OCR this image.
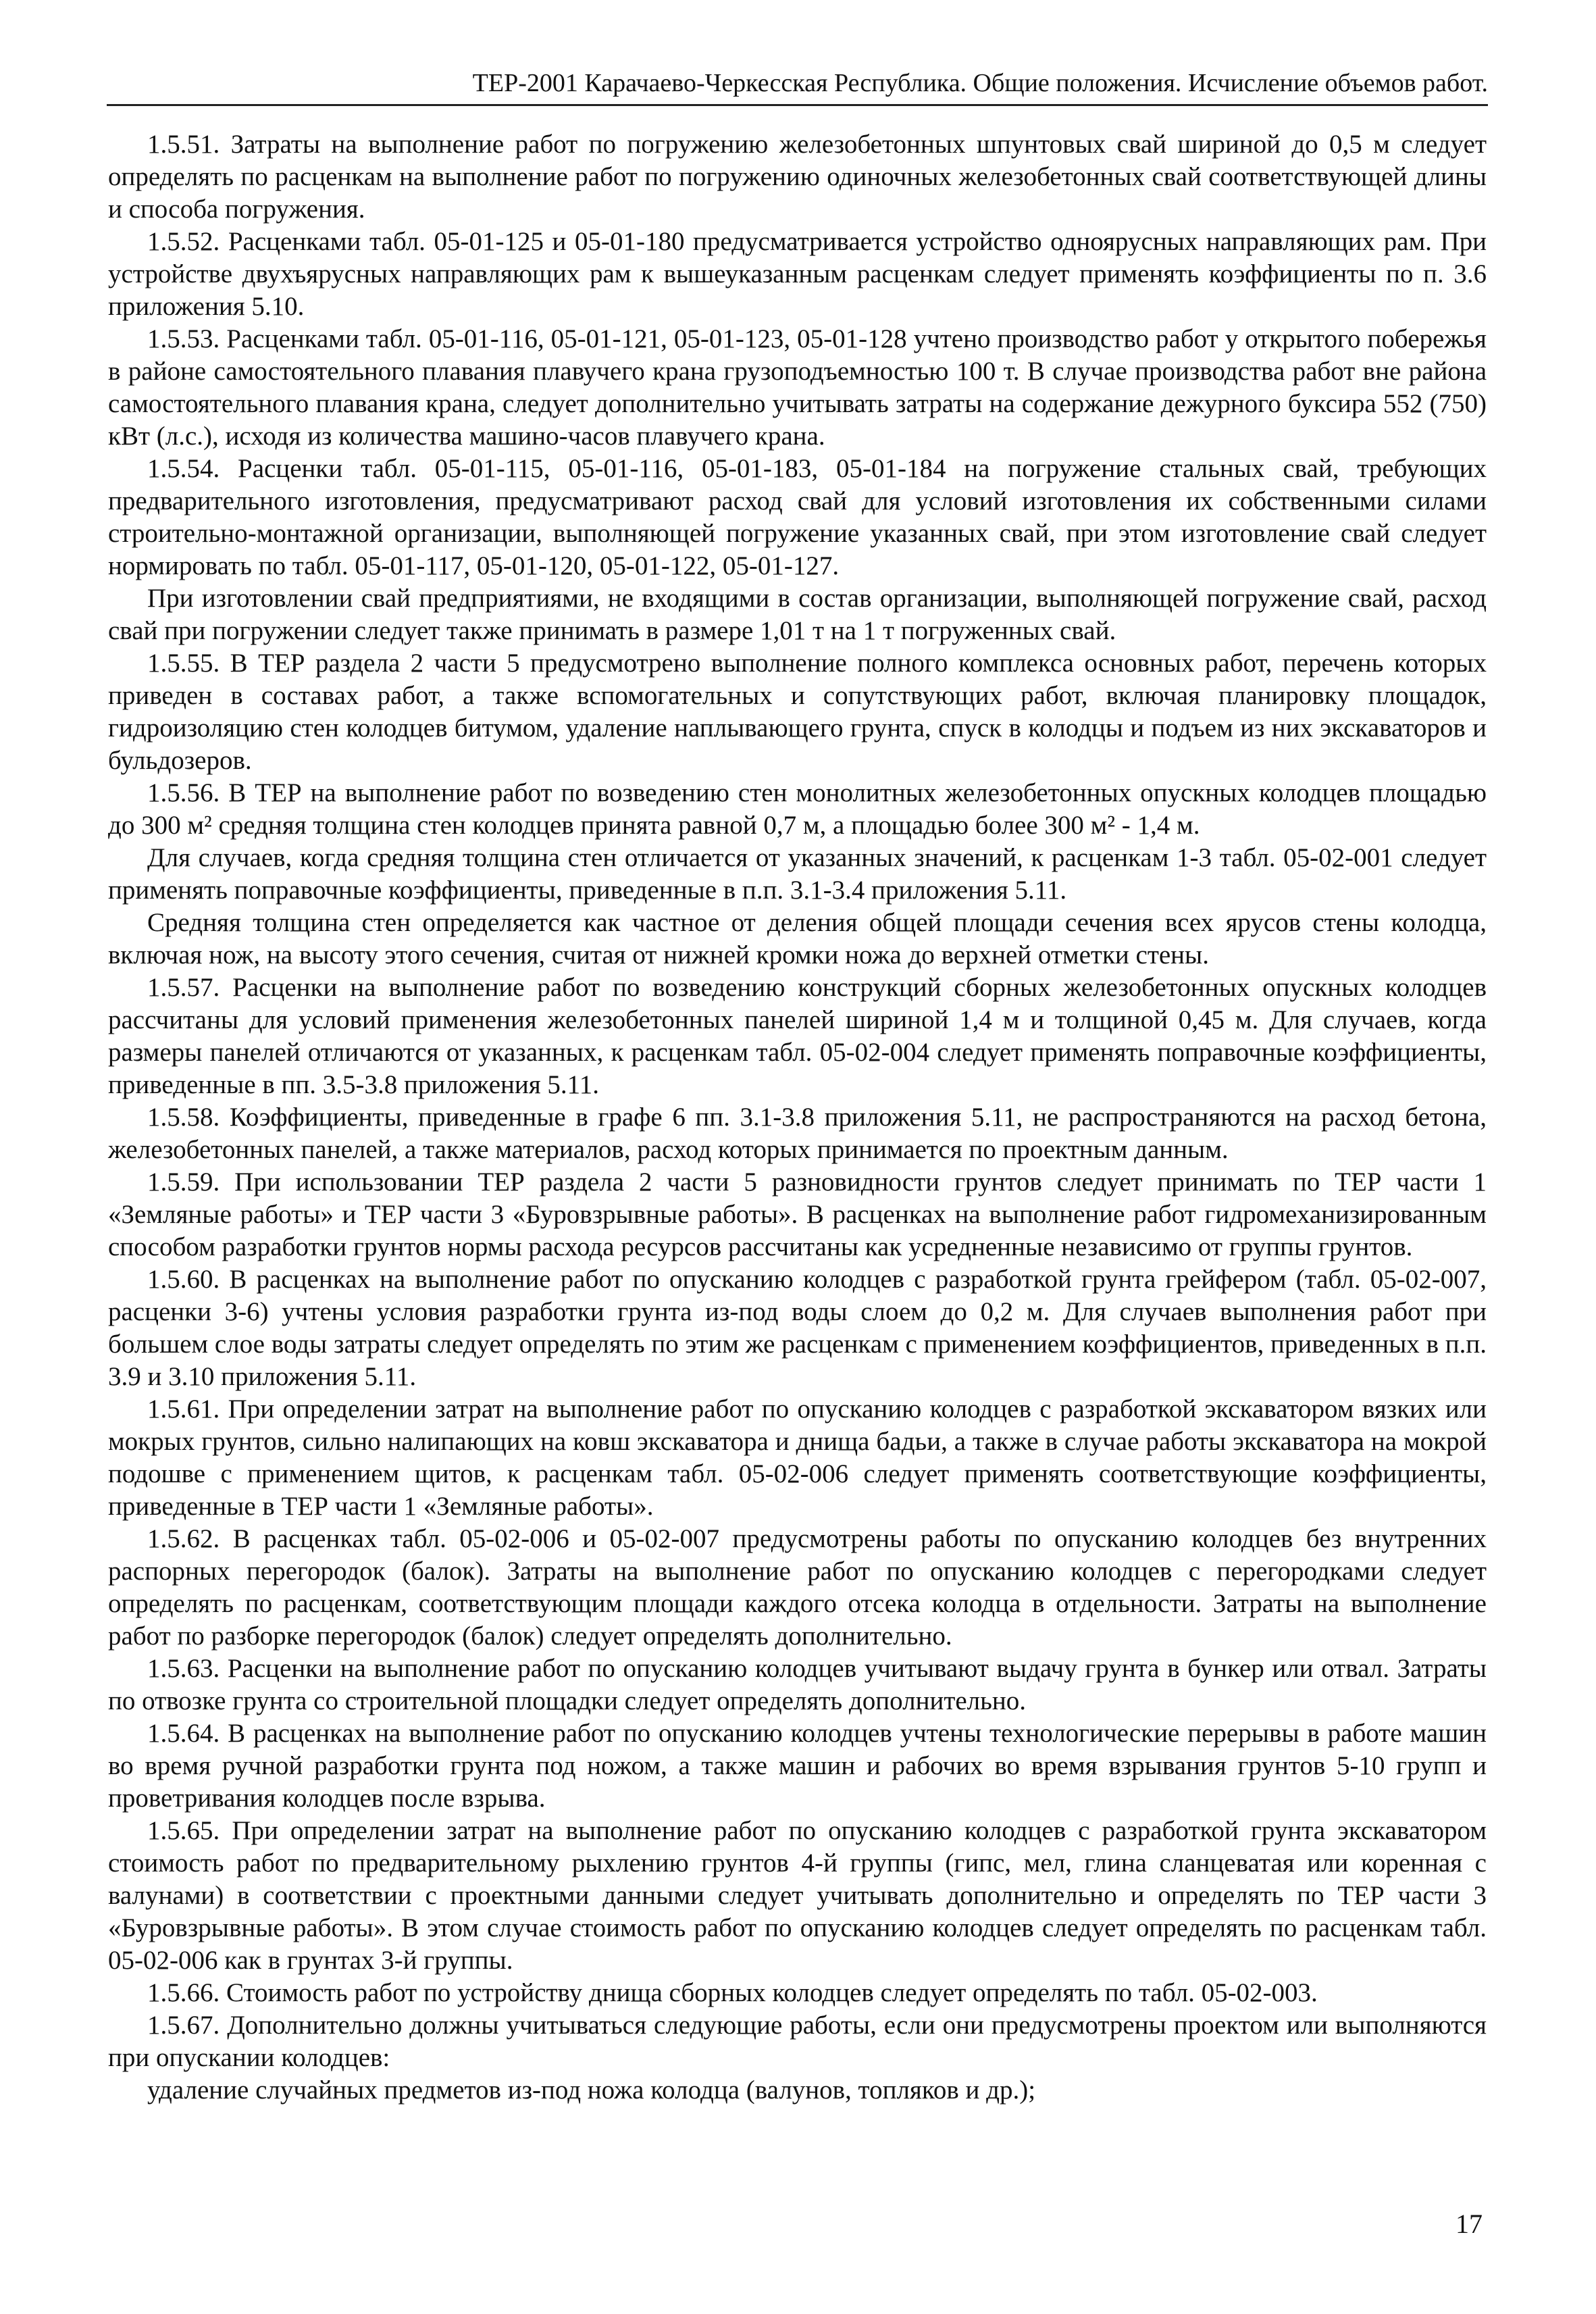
ТЕР-2001 Карачаево-Черкесская Республика. Общие положения. Исчисление объемов работ.

1.5.51. Затраты на выполнение работ по погружению железобетонных шпунтовых свай шириной до 0,5 м следует определять по расценкам на выполнение работ по погружению одиночных железобетонных свай соответствующей длины и способа погружения.

1.5.52. Расценками табл. 05-01-125 и 05-01-180 предусматривается устройство одноярусных направляющих рам. При устройстве двухъярусных направляющих рам к вышеуказанным расценкам следует применять коэффициенты по п. 3.6 приложения 5.10.

1.5.53. Расценками табл. 05-01-116, 05-01-121, 05-01-123, 05-01-128 учтено производство работ у открытого побережья в районе самостоятельного плавания плавучего крана грузоподъемностью 100 т. В случае производства работ вне района самостоятельного плавания крана, следует дополнительно учитывать затраты на содержание дежурного буксира 552 (750) кВт (л.с.), исходя из количества машино-часов плавучего крана.

1.5.54. Расценки табл. 05-01-115, 05-01-116, 05-01-183, 05-01-184 на погружение стальных свай, требующих предварительного изготовления, предусматривают расход свай для условий изготовления их собственными силами строительно-монтажной организации, выполняющей погружение указанных свай, при этом изготовление свай следует нормировать по табл. 05-01-117, 05-01-120, 05-01-122, 05-01-127.

При изготовлении свай предприятиями, не входящими в состав организации, выполняющей погружение свай, расход свай при погружении следует также принимать в размере 1,01 т на 1 т погруженных свай.

1.5.55. В ТЕР раздела 2 части 5 предусмотрено выполнение полного комплекса основных работ, перечень которых приведен в составах работ, а также вспомогательных и сопутствующих работ, включая планировку площадок, гидроизоляцию стен колодцев битумом, удаление наплывающего грунта, спуск в колодцы и подъем из них экскаваторов и бульдозеров.

1.5.56. В ТЕР на выполнение работ по возведению стен монолитных железобетонных опускных колодцев площадью до 300 м² средняя толщина стен колодцев принята равной 0,7 м, а площадью более 300 м² - 1,4 м.

Для случаев, когда средняя толщина стен отличается от указанных значений, к расценкам 1-3 табл. 05-02-001 следует применять поправочные коэффициенты, приведенные в п.п. 3.1-3.4 приложения 5.11.

Средняя толщина стен определяется как частное от деления общей площади сечения всех ярусов стены колодца, включая нож, на высоту этого сечения, считая от нижней кромки ножа до верхней отметки стены.

1.5.57. Расценки на выполнение работ по возведению конструкций сборных железобетонных опускных колодцев рассчитаны для условий применения железобетонных панелей шириной 1,4 м и толщиной 0,45 м. Для случаев, когда размеры панелей отличаются от указанных, к расценкам табл. 05-02-004 следует применять поправочные коэффициенты, приведенные в пп. 3.5-3.8 приложения 5.11.

1.5.58. Коэффициенты, приведенные в графе 6 пп. 3.1-3.8 приложения 5.11, не распространяются на расход бетона, железобетонных панелей, а также материалов, расход которых принимается по проектным данным.

1.5.59. При использовании ТЕР раздела 2 части 5 разновидности грунтов следует принимать по ТЕР части 1 «Земляные работы» и ТЕР части 3 «Буровзрывные работы». В расценках на выполнение работ гидромеханизированным способом разработки грунтов нормы расхода ресурсов рассчитаны как усредненные независимо от группы грунтов.

1.5.60. В расценках на выполнение работ по опусканию колодцев с разработкой грунта грейфером (табл. 05-02-007, расценки 3-6) учтены условия разработки грунта из-под воды слоем до 0,2 м. Для случаев выполнения работ при большем слое воды затраты следует определять по этим же расценкам с применением коэффициентов, приведенных в п.п. 3.9 и 3.10 приложения 5.11.

1.5.61. При определении затрат на выполнение работ по опусканию колодцев с разработкой экскаватором вязких или мокрых грунтов, сильно налипающих на ковш экскаватора и днища бадьи, а также в случае работы экскаватора на мокрой подошве с применением щитов, к расценкам табл. 05-02-006 следует применять соответствующие коэффициенты, приведенные в ТЕР части 1 «Земляные работы».

1.5.62. В расценках табл. 05-02-006 и 05-02-007 предусмотрены работы по опусканию колодцев без внутренних распорных перегородок (балок). Затраты на выполнение работ по опусканию колодцев с перегородками следует определять по расценкам, соответствующим площади каждого отсека колодца в отдельности. Затраты на выполнение работ по разборке перегородок (балок) следует определять дополнительно.

1.5.63. Расценки на выполнение работ по опусканию колодцев учитывают выдачу грунта в бункер или отвал. Затраты по отвозке грунта со строительной площадки следует определять дополнительно.

1.5.64. В расценках на выполнение работ по опусканию колодцев учтены технологические перерывы в работе машин во время ручной разработки грунта под ножом, а также машин и рабочих во время взрывания грунтов 5-10 групп и проветривания колодцев после взрыва.

1.5.65. При определении затрат на выполнение работ по опусканию колодцев с разработкой грунта экскаватором стоимость работ по предварительному рыхлению грунтов 4-й группы (гипс, мел, глина сланцеватая или коренная с валунами) в соответствии с проектными данными следует учитывать дополнительно и определять по ТЕР части 3 «Буровзрывные работы». В этом случае стоимость работ по опусканию колодцев следует определять по расценкам табл. 05-02-006 как в грунтах 3-й группы.

1.5.66. Стоимость работ по устройству днища сборных колодцев следует определять по табл. 05-02-003.

1.5.67. Дополнительно должны учитываться следующие работы, если они предусмотрены проектом или выполняются при опускании колодцев:

удаление случайных предметов из-под ножа колодца (валунов, топляков и др.);

17
